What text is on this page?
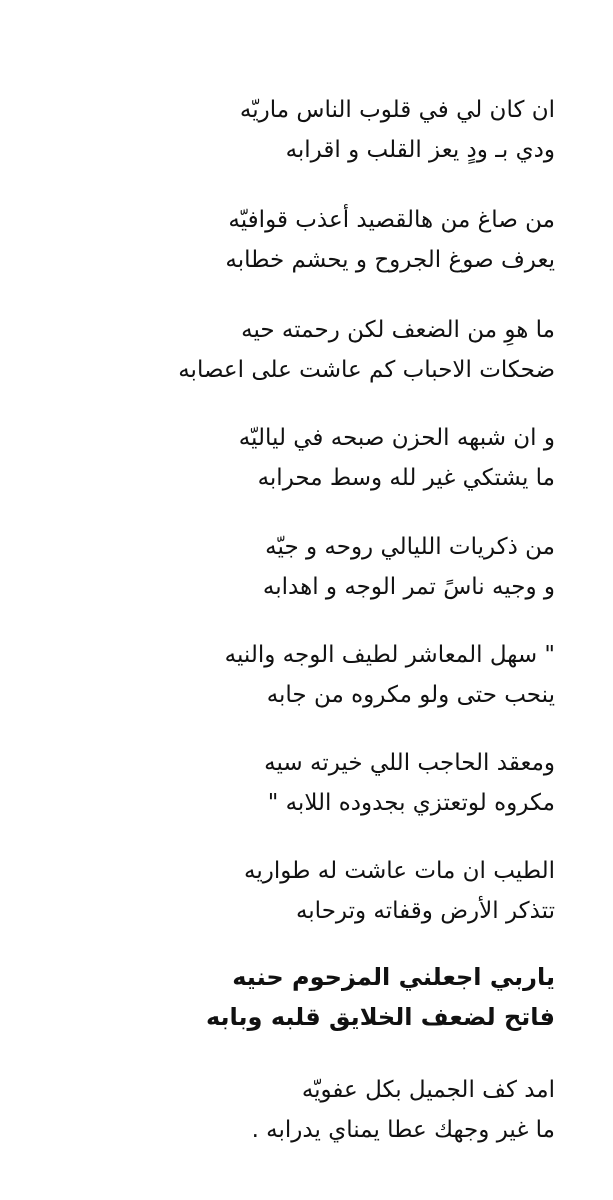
ان كان لي في قلوب الناس ماريّه
ودي بـ ودٍ يعز القلب و اقرابه
من صاغ من هالقصيد أعذب قوافيّه
يعرف صوغ الجروح و يحشم خطابه
ما هوِ من الضعف لكن رحمته حيه
ضحكات الاحباب كم عاشت على اعصابه
و ان شبهه الحزن صبحه في لياليّه
ما يشتكي غير لله وسط محرابه
من ذكريات الليالي روحه و جيّه
و وجيه ناسً تمر الوجه و اهدابه
" سهل المعاشر لطيف الوجه والنيه
ينحب حتى ولو مكروه من جابه
ومعقد الحاجب اللي خيرته سيه
مكروه لوتعتزي بجدوده اللابه "
الطيب ان مات عاشت له طواريه
تتذكر الأرض وقفاته وترحابه
ياربي اجعلني المزحوم حنيه
فاتح لضعف الخلايق قلبه وبابه
امد كف الجميل بكل عفويّه
ما غير وجهك عطا يمناي يدرابه .
